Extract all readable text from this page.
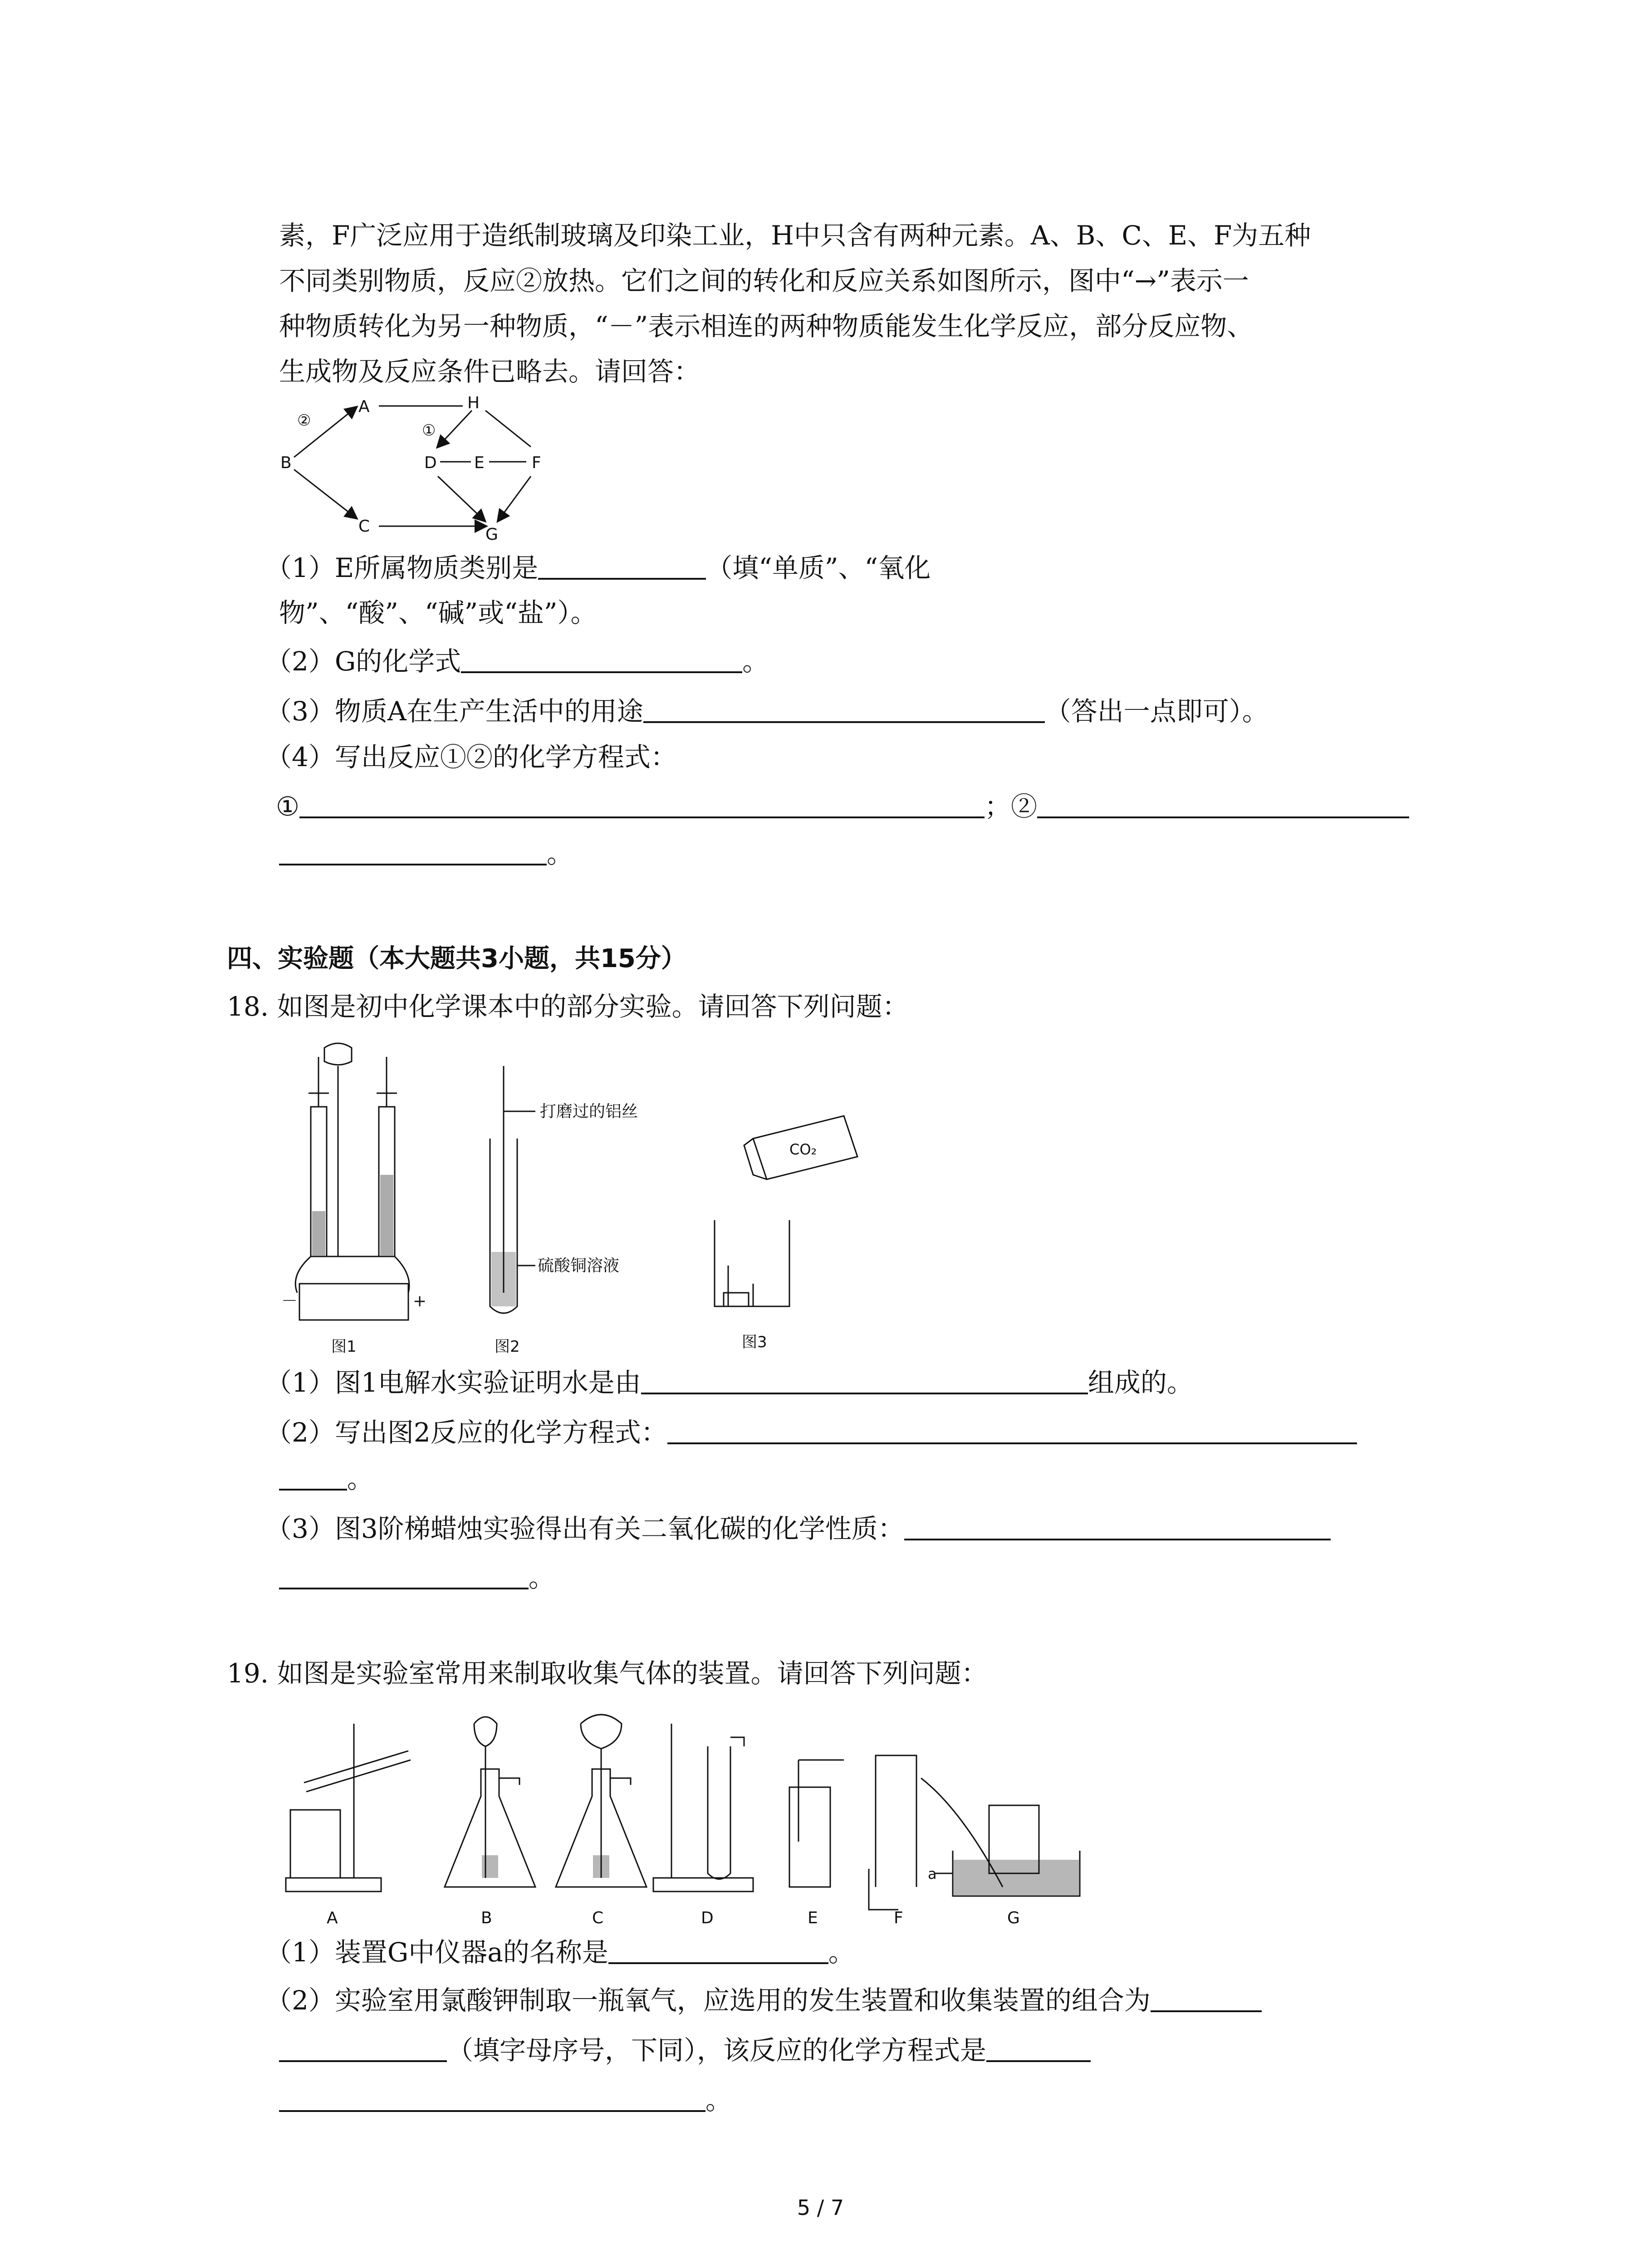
素，F广泛应用于造纸制玻璃及印染工业，H中只含有两种元素。A、B、C、E、F为五种
不同类别物质，反应②放热。它们之间的转化和反应关系如图所示，图中“→”表示一
种物质转化为另一种物质，“－”表示相连的两种物质能发生化学反应，部分反应物、
生成物及反应条件已略去。请回答：
A
B
C
D E	F
G
H
②
①
（1）E所属物质类别是	（填“单质”、“氧化
物”、“酸”、“碱”或“盐”）。
（2）G的化学式	。
（3）物质A在生产生活中的用途	（答出一点即可）。
（4）写出反应①②的化学方程式：
①	；②
。
四、实验题（本大题共3小题，共15分）
18. 如图是初中化学课本中的部分实验。请回答下列问题：
－	+
图1
打磨过的铝丝
硫酸铜溶液
图2
CO₂
图3
（1）图1电解水实验证明水是由	组成的。
（2）写出图2反应的化学方程式：
。
（3）图3阶梯蜡烛实验得出有关二氧化碳的化学性质：
。
19. 如图是实验室常用来制取收集气体的装置。请回答下列问题：
A	B	C	D	E	F	G
a
（1）装置G中仪器a的名称是	。
（2）实验室用氯酸钾制取一瓶氧气，应选用的发生装置和收集装置的组合为
（填字母序号，下同），该反应的化学方程式是
。
5 / 7
